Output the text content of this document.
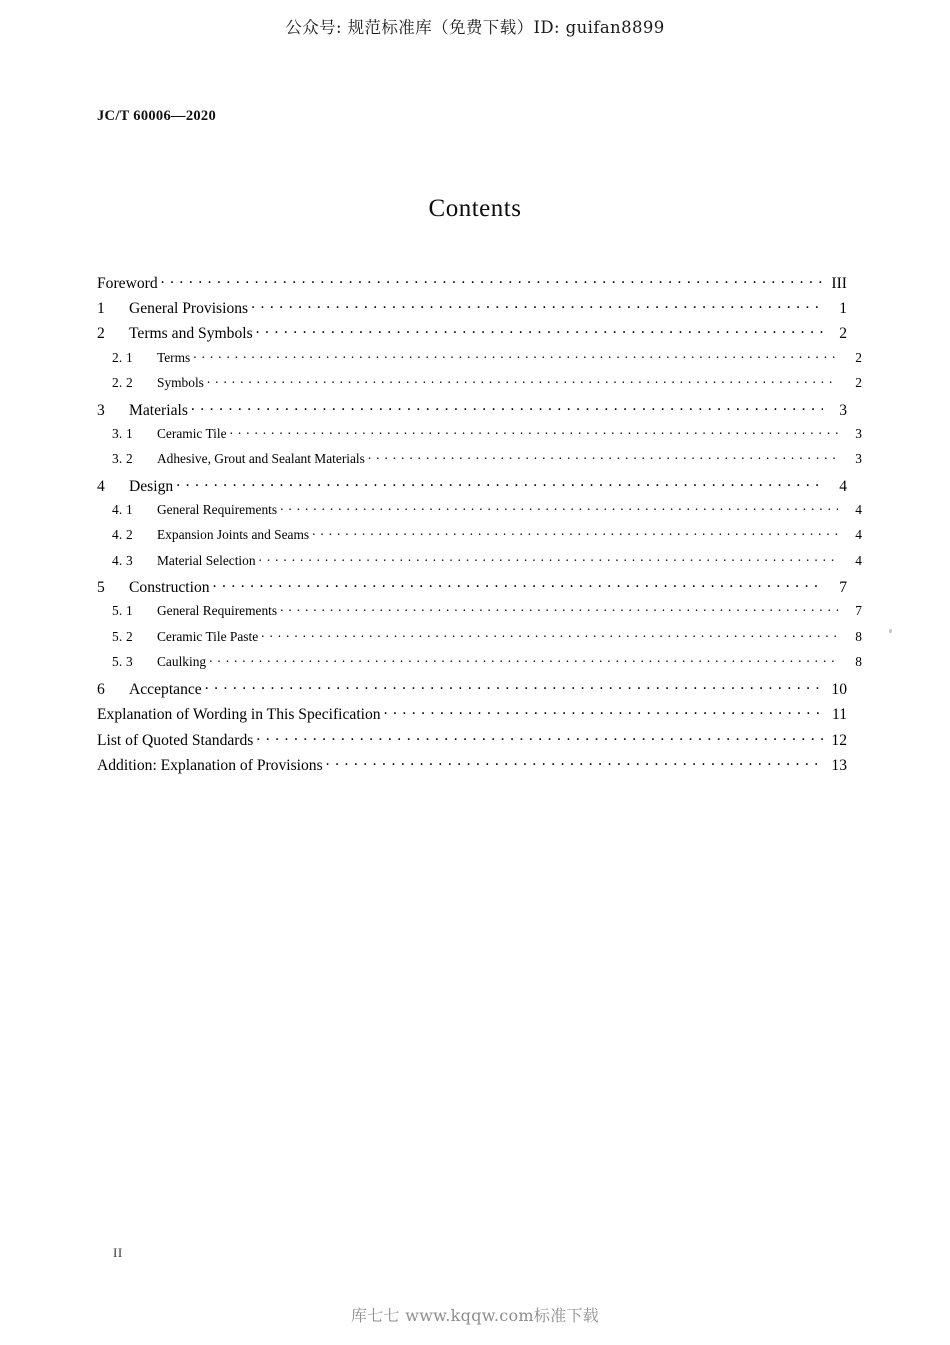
公众号: 规范标准库（免费下载）ID: guifan8899
JC/T 60006—2020
Contents
Foreword . . .	III
1	General Provisions . . .	1
2	Terms and Symbols . . .	2
2. 1	Terms . . .	2
2. 2	Symbols . . .	2
3	Materials . . .	3
3. 1	Ceramic Tile . . .	3
3. 2	Adhesive, Grout and Sealant Materials . . .	3
4	Design . . .	4
4. 1	General Requirements . . .	4
4. 2	Expansion Joints and Seams . . .	4
4. 3	Material Selection . . .	4
5	Construction . . .	7
5. 1	General Requirements . . .	7
5. 2	Ceramic Tile Paste . . .	8
5. 3	Caulking . . .	8
6	Acceptance . . .	10
Explanation of Wording in This Specification . . .	11
List of Quoted Standards . . .	12
Addition: Explanation of Provisions . . .	13
II
库七七 www.kqqw.com标准下载
